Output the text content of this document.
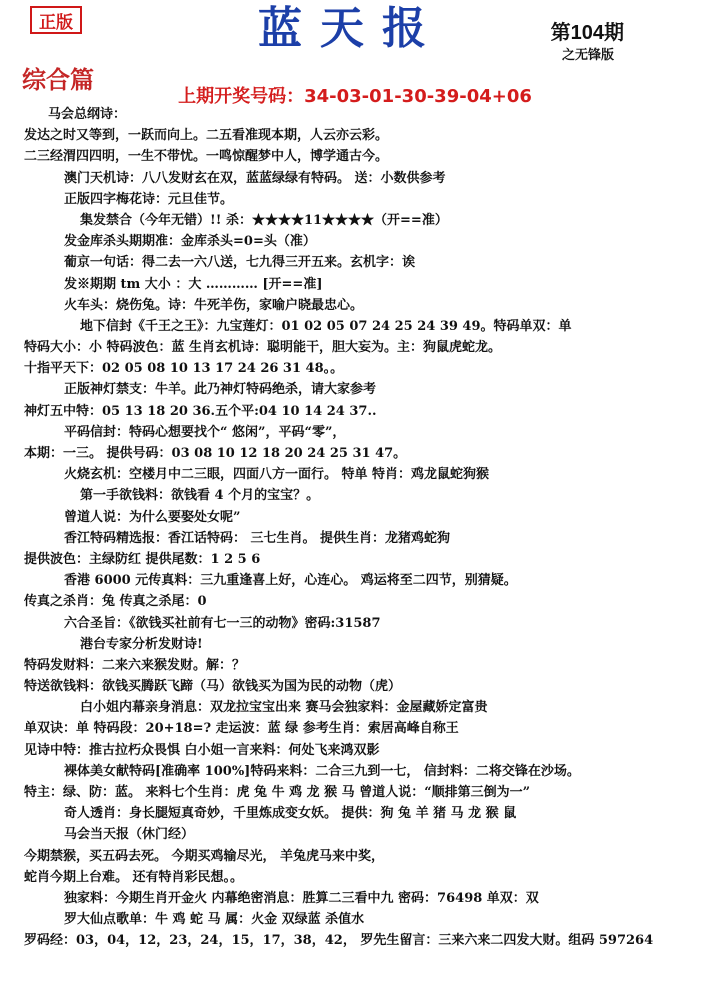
正版	蓝天报	第104期
之无锋版
综合篇
上期开奖号码：34-03-01-30-39-04+06
马会总纲诗：
发达之时又等到，一跃而向上。二五看准现本期，人云亦云彩。
二三经渭四四明，一生不带忧。一鸣惊醒梦中人，博学通古今。
澳门天机诗：八八发财玄在双，蓝蓝绿绿有特码。 送：小数供参考
正版四字梅花诗：元旦佳节。
集发禁合（今年无错）!! 杀：★★★★11★★★★（开==准）
发金库杀头期期准：金库杀头=0=头（准）
葡京一句话：得二去一六八送，七九得三开五来。玄机字：诶
发※期期 tm 大小 ：大 ………… [开==准]
火车头：烧伤兔。诗：牛死羊伤，家喻户晓最忠心。
地下信封《千王之王》：九宝莲灯：01 02 05 07 24 25 24 39 49。特码单双：单
特码大小：小 特码波色：蓝 生肖玄机诗：聪明能干，胆大妄为。主：狗鼠虎蛇龙。
十指平天下：02 05 08 10 13 17 24 26 31 48。。
正版神灯禁支：牛羊。此乃神灯特码绝杀，请大家参考
神灯五中特：05 13 18 20 36.五个平:04 10 14 24 37..
平码信封：特码心想要找个“ 悠闲”，平码“零”，
本期：一三。 提供号码：03 08 10 12 18 20 24 25 31 47。
火烧玄机：空楼月中二三眼，四面八方一面行。 特单 特肖：鸡龙鼠蛇狗猴
第一手欲钱料：欲钱看 4 个月的宝宝？。
曾道人说：为什么要娶处女呢”
香江特码精选报：香江话特码： 三七生肖。 提供生肖：龙猪鸡蛇狗
提供波色：主绿防红 提供尾数：1 2 5 6
香港 6000 元传真料：三九重逢喜上好，心连心。 鸡运将至二四节，别猜疑。
传真之杀肖：兔 传真之杀尾：0
六合圣旨：《欲钱买社前有七一三的动物》密码:31587
港台专家分析发财诗!
特码发财料：二来六来猴发财。解：？
特送欲钱料：欲钱买腾跃飞蹄（马）欲钱买为国为民的动物（虎）
白小姐内幕亲身消息：双龙拉宝宝出来 赛马会独家料：金屋藏娇定富贵
单双诀：单 特码段：20+18=? 走运波：蓝 绿 参考生肖：索居高峰自称王
见诗中特：推古拉朽众畏惧 白小姐一言来料：何处飞来鸿双影
裸体美女献特码[准确率 100%]特码来料：二合三九到一七， 信封料：二将交锋在沙场。
特主：绿、防：蓝。 来料七个生肖：虎 兔 牛 鸡 龙 猴 马 曾道人说：“顺排第三倒为一”
奇人透肖：身长腿短真奇妙，千里炼成变女妖。 提供：狗 兔 羊 猪 马 龙 猴 鼠
马会当天报（休门经）
今期禁猴，买五码去死。 今期买鸡输尽光， 羊兔虎马来中奖，
蛇肖今期上台难。 还有特肖彩民想。。
独家料：今期生肖开金火 内幕绝密消息：胜算二三看中九 密码：76498 单双：双
罗大仙点歌单：牛 鸡 蛇 马 属：火金 双绿蓝 杀值水
罗码经：03，04，12，23，24，15，17，38，42， 罗先生留言：三来六来二四发大财。组码 597264
